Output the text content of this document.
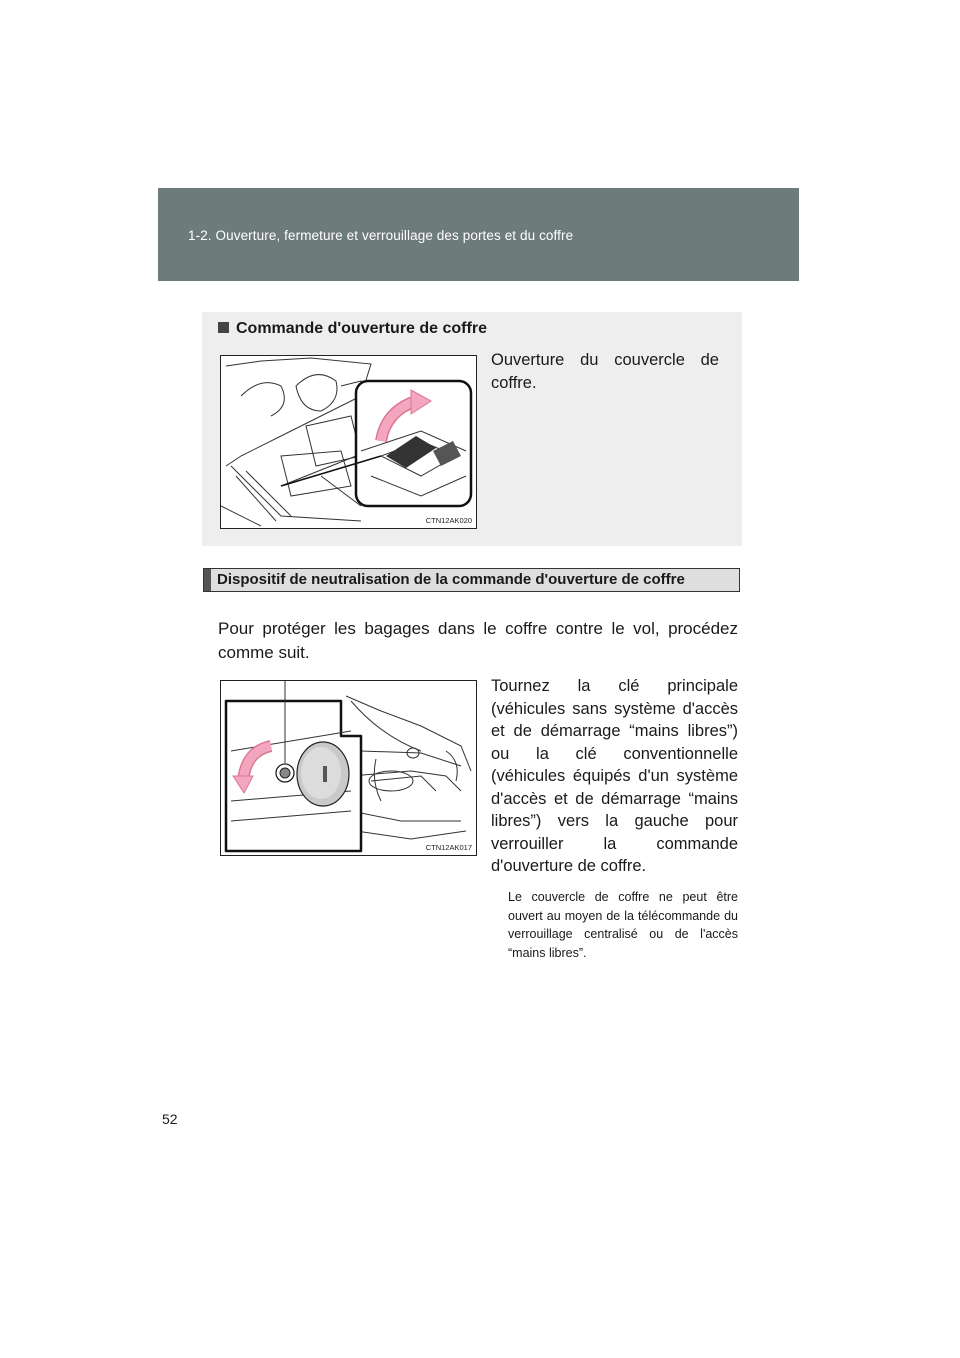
1-2. Ouverture, fermeture et verrouillage des portes et du coffre
Commande d'ouverture de coffre
CTN12AK020
Ouverture du couvercle de coffre.
Dispositif de neutralisation de la commande d'ouverture de coffre
Pour protéger les bagages dans le coffre contre le vol, procédez comme suit.
CTN12AK017
Tournez la clé principale (véhicules sans système d'accès et de démarrage “mains libres”) ou la clé conventionnelle (véhicules équipés d'un système d'accès et de démarrage “mains libres”) vers la gauche pour verrouiller la commande d'ouverture de coffre.
Le couvercle de coffre ne peut être ouvert au moyen de la télécommande du verrouillage centralisé ou de l'accès “mains libres”.
52
